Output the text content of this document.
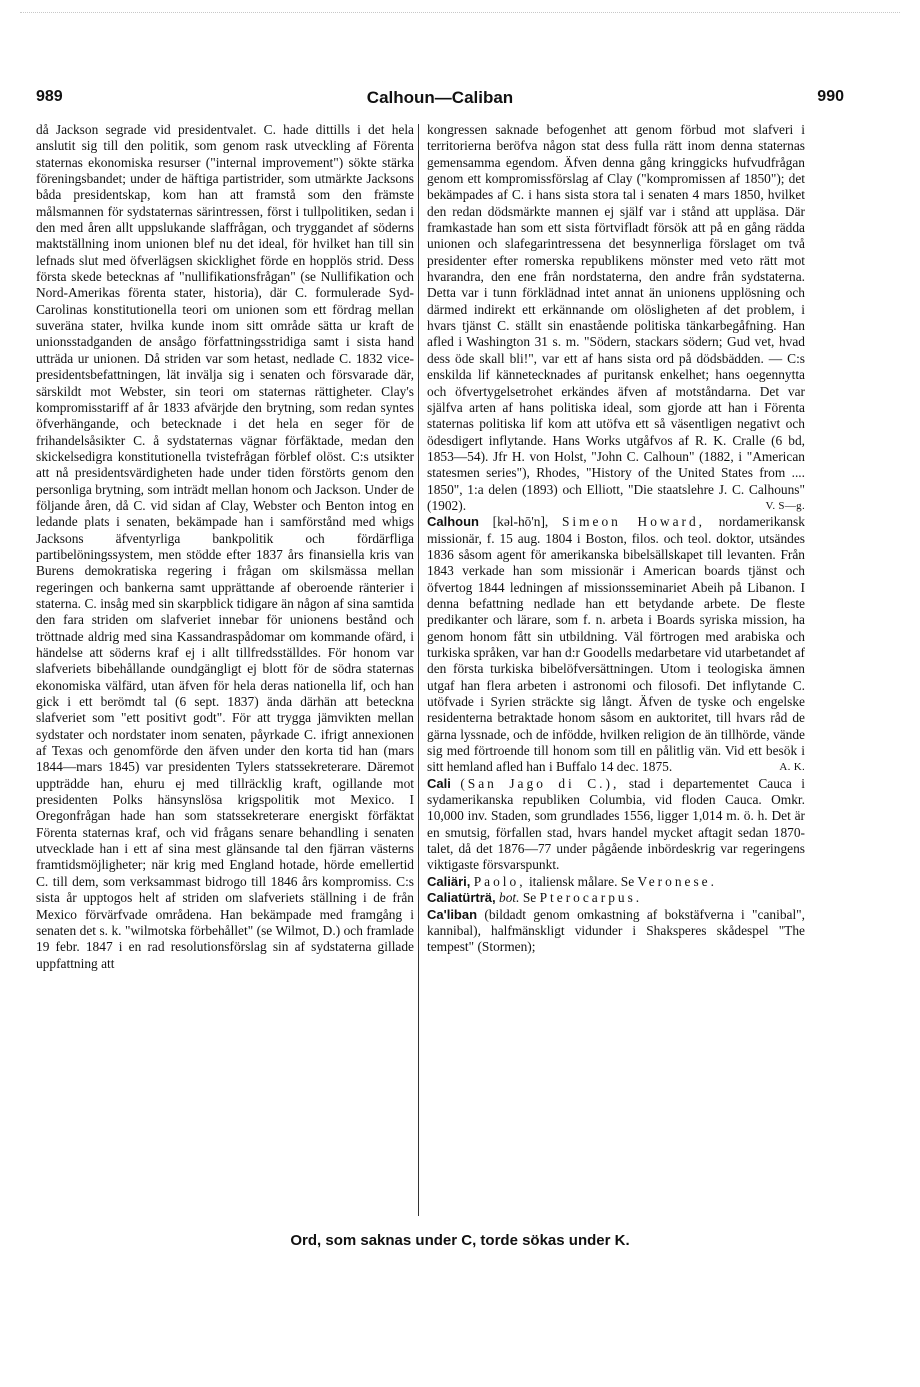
989	Calhoun—Caliban	990

då Jackson segrade vid presidentvalet. C. hade dittills i det hela anslutit sig till den politik, som genom rask utveckling af Förenta staternas ekonomiska resurser ("internal improvement") sökte stärka föreningsbandet; under de häftiga partistrider, som utmärkte Jacksons båda presidentskap, kom han att framstå som den främste målsmannen för sydstaternas särintressen, först i tullpolitiken, sedan i den med åren allt uppslukande slaffrågan, och tryggandet af söderns maktställning inom unionen blef nu det ideal, för hvilket han till sin lefnads slut med öfverlägsen skicklighet förde en hopplös strid. Dess första skede betecknas af "nullifikationsfrågan" (se Nullifikation och Nord-Amerikas förenta stater, historia), där C. formulerade Syd-Carolinas konstitutionella teori om unionen som ett fördrag mellan suveräna stater, hvilka kunde inom sitt område sätta ur kraft de unionsstadganden de ansågo författningsstridiga samt i sista hand utträda ur unionen. Då striden var som hetast, nedlade C. 1832 vice-presidentsbefattningen, lät invälja sig i senaten och försvarade där, särskildt mot Webster, sin teori om staternas rättigheter. Clay's kompromisstariff af år 1833 afvärjde den brytning, som redan syntes öfverhängande, och betecknade i det hela en seger för de frihandelsåsikter C. å sydstaternas vägnar förfäktade, medan den skickelsedigra konstitutionella tvistefrågan förblef olöst. C:s utsikter att nå presidentsvärdigheten hade under tiden förstörts genom den personliga brytning, som inträdt mellan honom och Jackson. Under de följande åren, då C. vid sidan af Clay, Webster och Benton intog en ledande plats i senaten, bekämpade han i samförstånd med whigs Jacksons äfventyrliga bankpolitik och fördärfliga partibelöningssystem, men stödde efter 1837 års finansiella kris van Burens demokratiska regering i frågan om skilsmässa mellan regeringen och bankerna samt upprättande af oberoende ränterier i staterna. C. insåg med sin skarpblick tidigare än någon af sina samtida den fara striden om slafveriet innebar för unionens bestånd och tröttnade aldrig med sina Kassandraspådomar om kommande ofärd, i händelse att söderns kraf ej i allt tillfredsställdes. För honom var slafveriets bibehållande oundgängligt ej blott för de södra staternas ekonomiska välfärd, utan äfven för hela deras nationella lif, och han gick i ett berömdt tal (6 sept. 1837) ända därhän att beteckna slafveriet som "ett positivt godt". För att trygga jämvikten mellan sydstater och nordstater inom senaten, påyrkade C. ifrigt annexionen af Texas och genomförde den äfven under den korta tid han (mars 1844—mars 1845) var presidenten Tylers statssekreterare. Däremot uppträdde han, ehuru ej med tillräcklig kraft, ogillande mot presidenten Polks hänsynslösa krigspolitik mot Mexico. I Oregonfrågan hade han som statssekreterare energiskt förfäktat Förenta staternas kraf, och vid frågans senare behandling i senaten utvecklade han i ett af sina mest glänsande tal den fjärran västerns framtidsmöjligheter; när krig med England hotade, hörde emellertid C. till dem, som verksammast bidrogo till 1846 års kompromiss. C:s sista år upptogos helt af striden om slafveriets ställning i de från Mexico förvärfvade områdena. Han bekämpade med framgång i senaten det s. k. "wilmotska förbehållet" (se Wilmot, D.) och framlade 19 febr. 1847 i en rad resolutionsförslag sin af sydstaterna gillade uppfattning att

kongressen saknade befogenhet att genom förbud mot slafveri i territorierna beröfva någon stat dess fulla rätt inom denna staternas gemensamma egendom. Äfven denna gång kringgicks hufvudfrågan genom ett kompromissförslag af Clay ("kompromissen af 1850"); det bekämpades af C. i hans sista stora tal i senaten 4 mars 1850, hvilket den redan dödsmärkte mannen ej själf var i stånd att uppläsa. Där framkastade han som ett sista förtvifladt försök att på en gång rädda unionen och slafegarintressena det besynnerliga förslaget om två presidenter efter romerska republikens mönster med veto rätt mot hvarandra, den ene från nordstaterna, den andre från sydstaterna. Detta var i tunn förklädnad intet annat än unionens upplösning och därmed indirekt ett erkännande om olösligheten af det problem, i hvars tjänst C. ställt sin enastående politiska tänkarbegåfning. Han afled i Washington 31 s. m. "Södern, stackars södern; Gud vet, hvad dess öde skall bli!", var ett af hans sista ord på dödsbädden. — C:s enskilda lif kännetecknades af puritansk enkelhet; hans oegennytta och öfvertygelsetrohet erkändes äfven af motståndarna. Det var själfva arten af hans politiska ideal, som gjorde att han i Förenta staternas politiska lif kom att utöfva ett så väsentligen negativt och ödesdigert inflytande. Hans Works utgåfvos af R. K. Cralle (6 bd, 1853—54). Jfr H. von Holst, "John C. Calhoun" (1882, i "American statesmen series"), Rhodes, "History of the United States from .... 1850", 1:a delen (1893) och Elliott, "Die staatslehre J. C. Calhouns" (1902).	V. S—g.

Calhoun [kəl-hō'n], Simeon Howard, nordamerikansk missionär, f. 15 aug. 1804 i Boston, filos. och teol. doktor, utsändes 1836 såsom agent för amerikanska bibelsällskapet till levanten. Från 1843 verkade han som missionär i American boards tjänst och öfvertog 1844 ledningen af missionsseminariet Abeih på Libanon. I denna befattning nedlade han ett betydande arbete. De fleste predikanter och lärare, som f. n. arbeta i Boards syriska mission, ha genom honom fått sin utbildning. Väl förtrogen med arabiska och turkiska språken, var han d:r Goodells medarbetare vid utarbetandet af den första turkiska bibelöfversättningen. Utom i teologiska ämnen utgaf han flera arbeten i astronomi och filosofi. Det inflytande C. utöfvade i Syrien sträckte sig långt. Äfven de tyske och engelske residenterna betraktade honom såsom en auktoritet, till hvars råd de gärna lyssnade, och de infödde, hvilken religion de än tillhörde, vände sig med förtroende till honom som till en pålitlig vän. Vid ett besök i sitt hemland afled han i Buffalo 14 dec. 1875.	A. K.

Cali (San Jago di C.), stad i departementet Cauca i sydamerikanska republiken Columbia, vid floden Cauca. Omkr. 10,000 inv. Staden, som grundlades 1556, ligger 1,014 m. ö. h. Det är en smutsig, förfallen stad, hvars handel mycket aftagit sedan 1870-talet, då det 1876—77 under pågående inbördeskrig var regeringens viktigaste försvarspunkt.

Caliäri, Paolo, italiensk målare. Se Veronese.

Caliatürträ, bot. Se Pterocarpus.

Ca'liban (bildadt genom omkastning af bokstäfverna i "canibal", kannibal), halfmänskligt vidunder i Shaksperes skådespel "The tempest" (Stormen);

Ord, som saknas under C, torde sökas under K.
